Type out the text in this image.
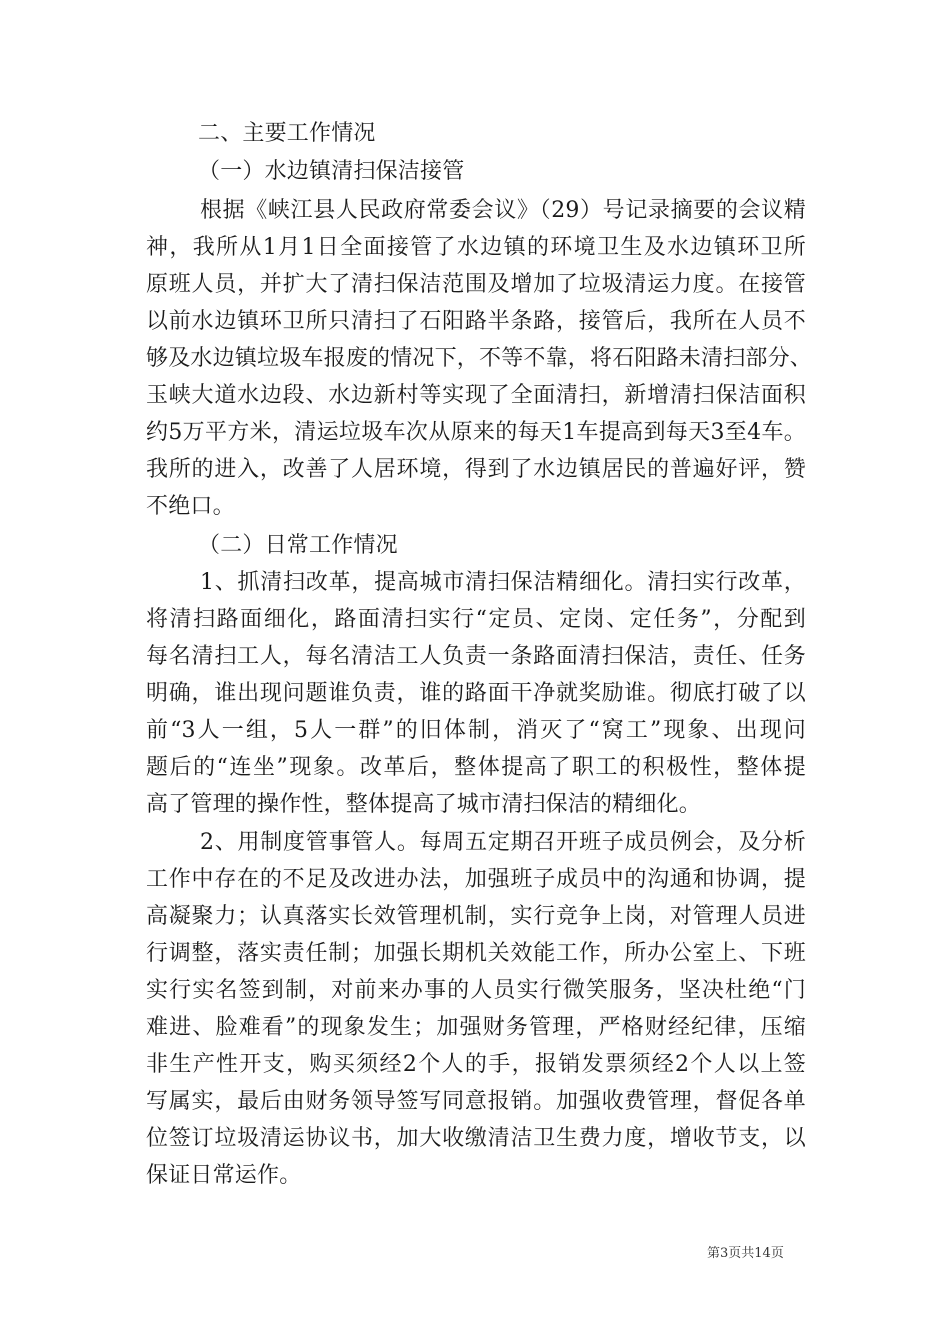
二、主要工作情况
（一）水边镇清扫保洁接管
根据《峡江县人民政府常委会议》（29）号记录摘要的会议精
神，我所从1月1日全面接管了水边镇的环境卫生及水边镇环卫所
原班人员，并扩大了清扫保洁范围及增加了垃圾清运力度。在接管
以前水边镇环卫所只清扫了石阳路半条路，接管后，我所在人员不
够及水边镇垃圾车报废的情况下，不等不靠，将石阳路未清扫部分、
玉峡大道水边段、水边新村等实现了全面清扫，新增清扫保洁面积
约5万平方米，清运垃圾车次从原来的每天1车提高到每天3至4车。
我所的进入，改善了人居环境，得到了水边镇居民的普遍好评，赞
不绝口。
（二）日常工作情况
1、抓清扫改革，提高城市清扫保洁精细化。清扫实行改革，
将清扫路面细化，路面清扫实行“定员、定岗、定任务”，分配到
每名清扫工人，每名清洁工人负责一条路面清扫保洁，责任、任务
明确，谁出现问题谁负责，谁的路面干净就奖励谁。彻底打破了以
前“3人一组，5人一群”的旧体制，消灭了“窝工”现象、出现问
题后的“连坐”现象。改革后，整体提高了职工的积极性，整体提
高了管理的操作性，整体提高了城市清扫保洁的精细化。
2、用制度管事管人。每周五定期召开班子成员例会，及分析
工作中存在的不足及改进办法，加强班子成员中的沟通和协调，提
高凝聚力；认真落实长效管理机制，实行竞争上岗，对管理人员进
行调整，落实责任制；加强长期机关效能工作，所办公室上、下班
实行实名签到制，对前来办事的人员实行微笑服务，坚决杜绝“门
难进、脸难看”的现象发生；加强财务管理，严格财经纪律，压缩
非生产性开支，购买须经2个人的手，报销发票须经2个人以上签
写属实，最后由财务领导签写同意报销。加强收费管理，督促各单
位签订垃圾清运协议书，加大收缴清洁卫生费力度，增收节支，以
保证日常运作。
第3页共14页
